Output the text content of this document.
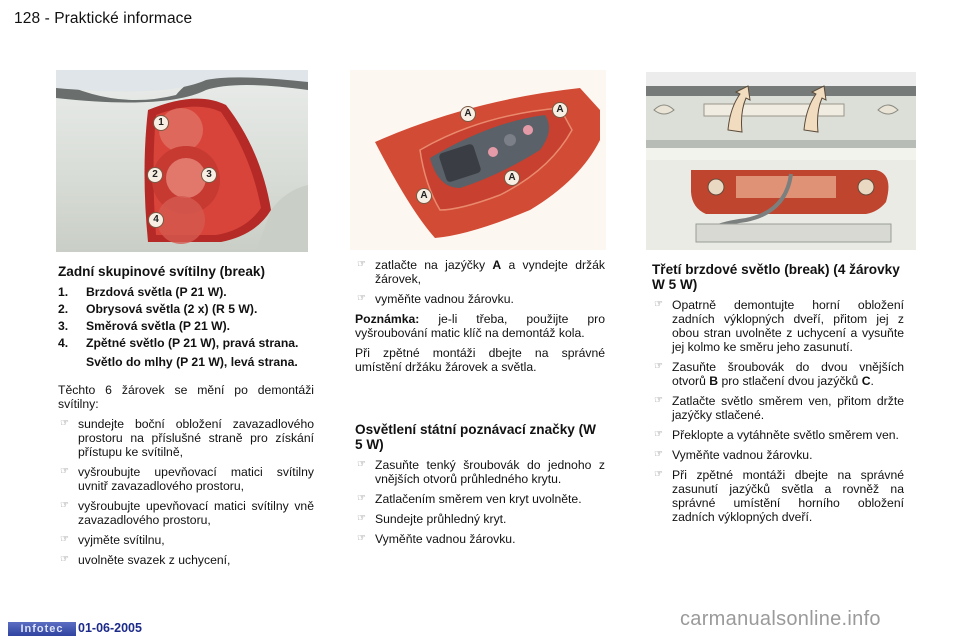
128 - Praktické informace
1
2	3
4
A	A
A
A
Zadní skupinové svítilny (break)
1.	Brzdová světla (P 21 W).
2.	Obrysová světla (2 x) (R 5 W).
3.	Směrová světla (P 21 W).
4.	Zpětné světlo (P 21 W), pravá strana.
Světlo do mlhy (P 21 W), levá strana.
Těchto 6 žárovek se mění po demontáži svítilny:
☞ sundejte boční obložení zavazadlového prostoru na příslušné straně pro získání přístupu ke svítilně,
☞ vyšroubujte upevňovací matici svítilny uvnitř zavazadlového prostoru,
☞ vyšroubujte upevňovací matici svítilny vně zavazadlového prostoru,
☞ vyjměte svítilnu,
☞ uvolněte svazek z uchycení,
☞ zatlačte na jazýčky A a vyndejte držák žárovek,
☞ vyměňte vadnou žárovku.
Poznámka: je-li třeba, použijte pro vyšroubování matic klíč na demontáž kola.
Při zpětné montáži dbejte na správné umístění držáku žárovek a světla.
Osvětlení státní poznávací značky (W 5 W)
☞ Zasuňte tenký šroubovák do jednoho z vnějších otvorů průhledného krytu.
☞ Zatlačením směrem ven kryt uvolněte.
☞ Sundejte průhledný kryt.
☞ Vyměňte vadnou žárovku.
Třetí brzdové světlo (break) (4 žárovky W 5 W)
☞ Opatrně demontujte horní obložení zadních výklopných dveří, přitom jej z obou stran uvolněte z uchycení a vysuňte jej kolmo ke směru jeho zasunutí.
☞ Zasuňte šroubovák do dvou vnějších otvorů B pro stlačení dvou jazýčků C.
☞ Zatlačte světlo směrem ven, přitom držte jazýčky stlačené.
☞ Překlopte a vytáhněte světlo směrem ven.
☞ Vyměňte vadnou žárovku.
☞ Při zpětné montáži dbejte na správné zasunutí jazýčků světla a rovněž na správné umístění horního obložení zadních výklopných dveří.
Infotec	01-06-2005	carmanualsonline.info
